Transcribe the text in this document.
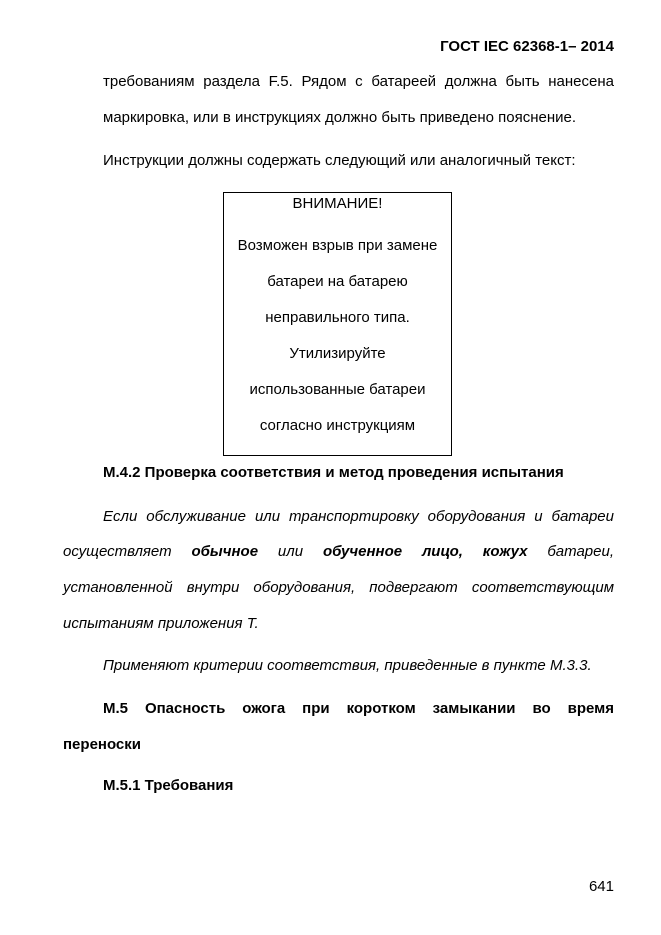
ГОСТ IEC 62368-1– 2014
требованиям раздела F.5. Рядом с батареей должна быть нанесена
маркировка, или в инструкциях должно быть приведено пояснение.
Инструкции должны содержать следующий или аналогичный текст:
ВНИМАНИЕ!
Возможен взрыв при замене
батареи на батарею
неправильного типа.
Утилизируйте
использованные батареи
согласно инструкциям
M.4.2 Проверка соответствия и метод проведения испытания
Если обслуживание или транспортировку оборудования и батареи
осуществляет обычное или обученное лицо, кожух батареи,
установленной внутри оборудования, подвергают соответствующим
испытаниям приложения T.
Применяют критерии соответствия, приведенные в пункте M.3.3.
M.5 Опасность ожога при коротком замыкании во время
переноски
M.5.1 Требования
641
